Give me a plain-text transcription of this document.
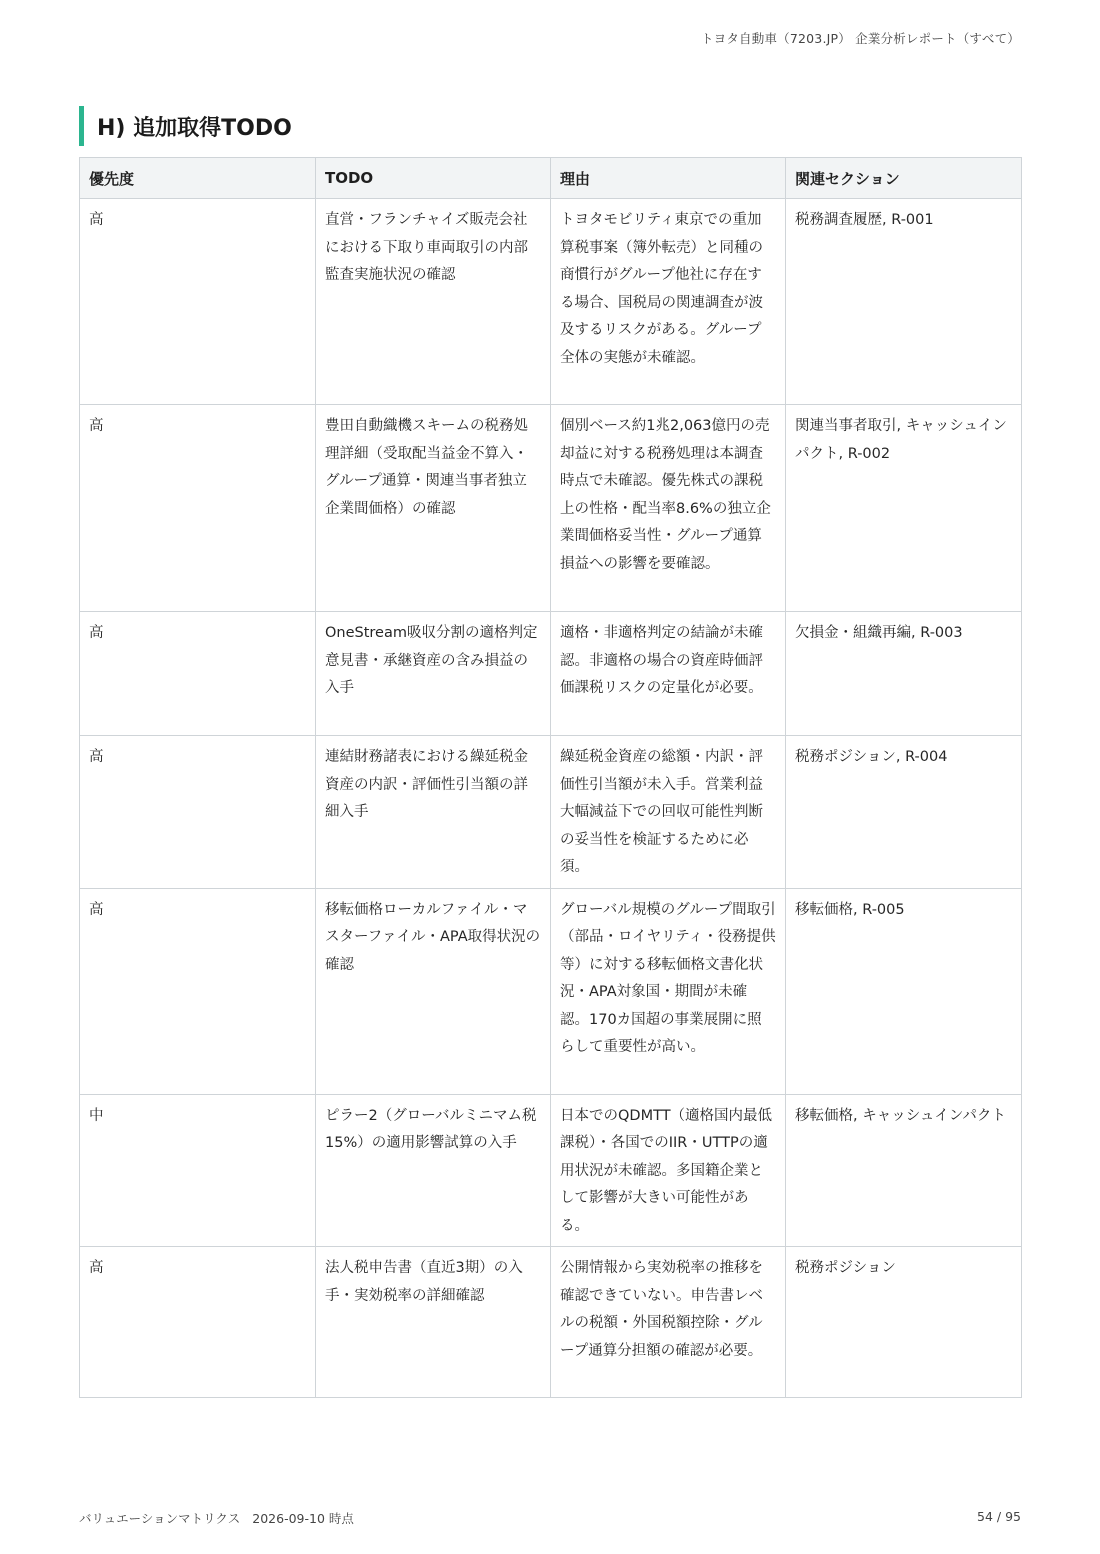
トヨタ自動車（7203.JP） 企業分析レポート（すべて）
H) 追加取得TODO
優先度	TODO	理由	関連セクション
高	直営・フランチャイズ販売会社における下取り車両取引の内部監査実施状況の確認	トヨタモビリティ東京での重加算税事案（簿外転売）と同種の商慣行がグループ他社に存在する場合、国税局の関連調査が波及するリスクがある。グループ全体の実態が未確認。	税務調査履歴, R-001
高	豊田自動織機スキームの税務処理詳細（受取配当益金不算入・グループ通算・関連当事者独立企業間価格）の確認	個別ベース約1兆2,063億円の売却益に対する税務処理は本調査時点で未確認。優先株式の課税上の性格・配当率8.6%の独立企業間価格妥当性・グループ通算損益への影響を要確認。	関連当事者取引, キャッシュインパクト, R-002
高	OneStream吸収分割の適格判定意見書・承継資産の含み損益の入手	適格・非適格判定の結論が未確認。非適格の場合の資産時価評価課税リスクの定量化が必要。	欠損金・組織再編, R-003
高	連結財務諸表における繰延税金資産の内訳・評価性引当額の詳細入手	繰延税金資産の総額・内訳・評価性引当額が未入手。営業利益大幅減益下での回収可能性判断の妥当性を検証するために必須。	税務ポジション, R-004
高	移転価格ローカルファイル・マスターファイル・APA取得状況の確認	グローバル規模のグループ間取引（部品・ロイヤリティ・役務提供等）に対する移転価格文書化状況・APA対象国・期間が未確認。170カ国超の事業展開に照らして重要性が高い。	移転価格, R-005
中	ピラー2（グローバルミニマム税15%）の適用影響試算の入手	日本でのQDMTT（適格国内最低課税）・各国でのIIR・UTTPの適用状況が未確認。多国籍企業として影響が大きい可能性がある。	移転価格, キャッシュインパクト
高	法人税申告書（直近3期）の入手・実効税率の詳細確認	公開情報から実効税率の推移を確認できていない。申告書レベルの税額・外国税額控除・グループ通算分担額の確認が必要。	税務ポジション
バリュエーションマトリクス 2026-09-10 時点	54 / 95
